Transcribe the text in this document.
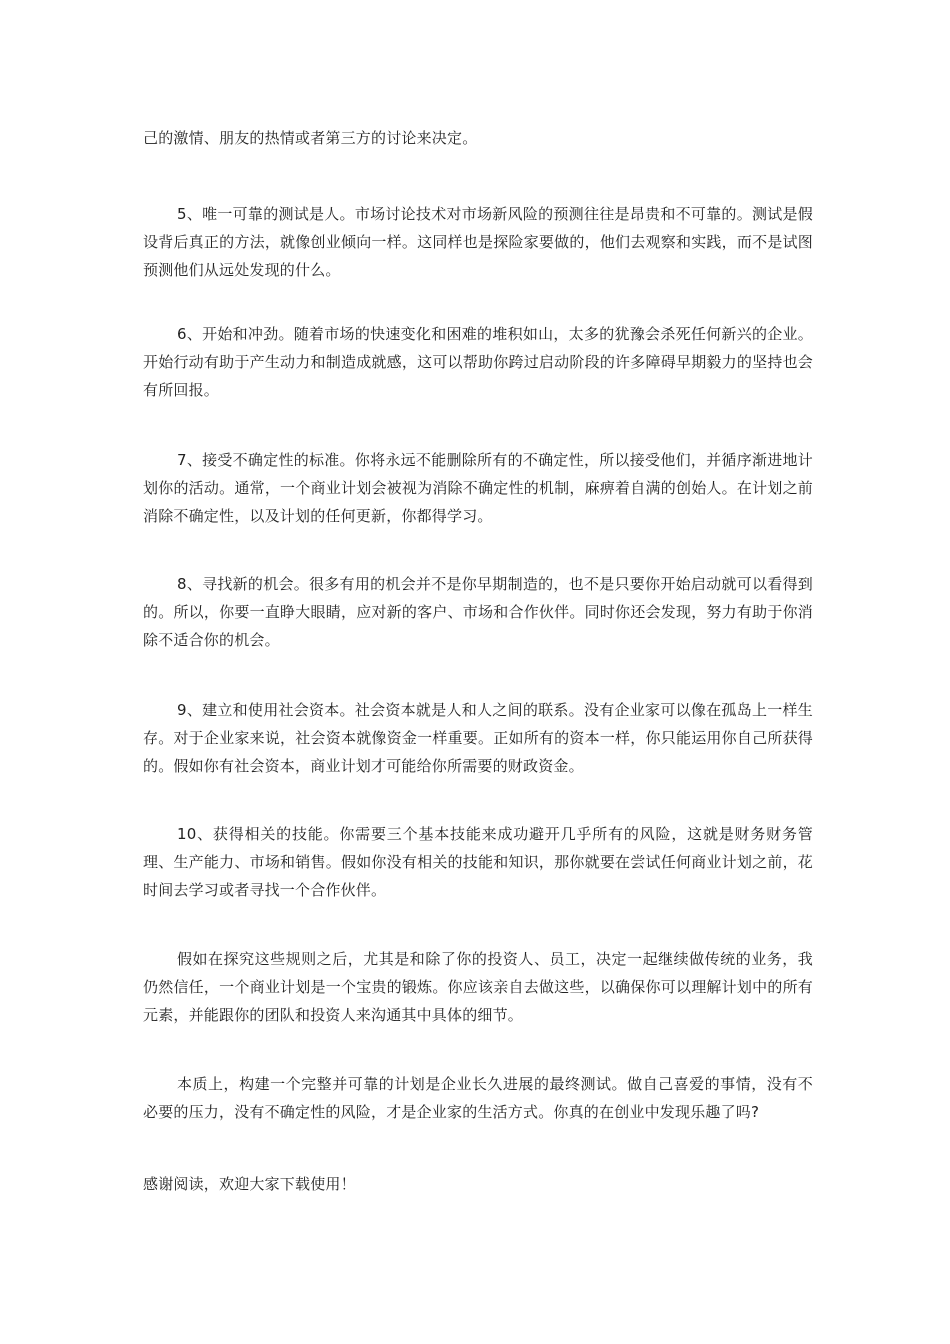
己的激情、朋友的热情或者第三方的讨论来决定。

5、唯一可靠的测试是人。市场讨论技术对市场新风险的预测往往是昂贵和不可靠的。测试是假设背后真正的方法，就像创业倾向一样。这同样也是探险家要做的，他们去观察和实践，而不是试图预测他们从远处发现的什么。

6、开始和冲劲。随着市场的快速变化和困难的堆积如山，太多的犹豫会杀死任何新兴的企业。开始行动有助于产生动力和制造成就感，这可以帮助你跨过启动阶段的许多障碍早期毅力的坚持也会有所回报。

7、接受不确定性的标准。你将永远不能删除所有的不确定性，所以接受他们，并循序渐进地计划你的活动。通常，一个商业计划会被视为消除不确定性的机制，麻痹着自满的创始人。在计划之前消除不确定性，以及计划的任何更新，你都得学习。

8、寻找新的机会。很多有用的机会并不是你早期制造的，也不是只要你开始启动就可以看得到的。所以，你要一直睁大眼睛，应对新的客户、市场和合作伙伴。同时你还会发现，努力有助于你消除不适合你的机会。

9、建立和使用社会资本。社会资本就是人和人之间的联系。没有企业家可以像在孤岛上一样生存。对于企业家来说，社会资本就像资金一样重要。正如所有的资本一样，你只能运用你自己所获得的。假如你有社会资本，商业计划才可能给你所需要的财政资金。

10、获得相关的技能。你需要三个基本技能来成功避开几乎所有的风险，这就是财务财务管理、生产能力、市场和销售。假如你没有相关的技能和知识，那你就要在尝试任何商业计划之前，花时间去学习或者寻找一个合作伙伴。

假如在探究这些规则之后，尤其是和除了你的投资人、员工，决定一起继续做传统的业务，我仍然信任，一个商业计划是一个宝贵的锻炼。你应该亲自去做这些，以确保你可以理解计划中的所有元素，并能跟你的团队和投资人来沟通其中具体的细节。

本质上，构建一个完整并可靠的计划是企业长久进展的最终测试。做自己喜爱的事情，没有不必要的压力，没有不确定性的风险，才是企业家的生活方式。你真的在创业中发现乐趣了吗?

感谢阅读，欢迎大家下载使用！
